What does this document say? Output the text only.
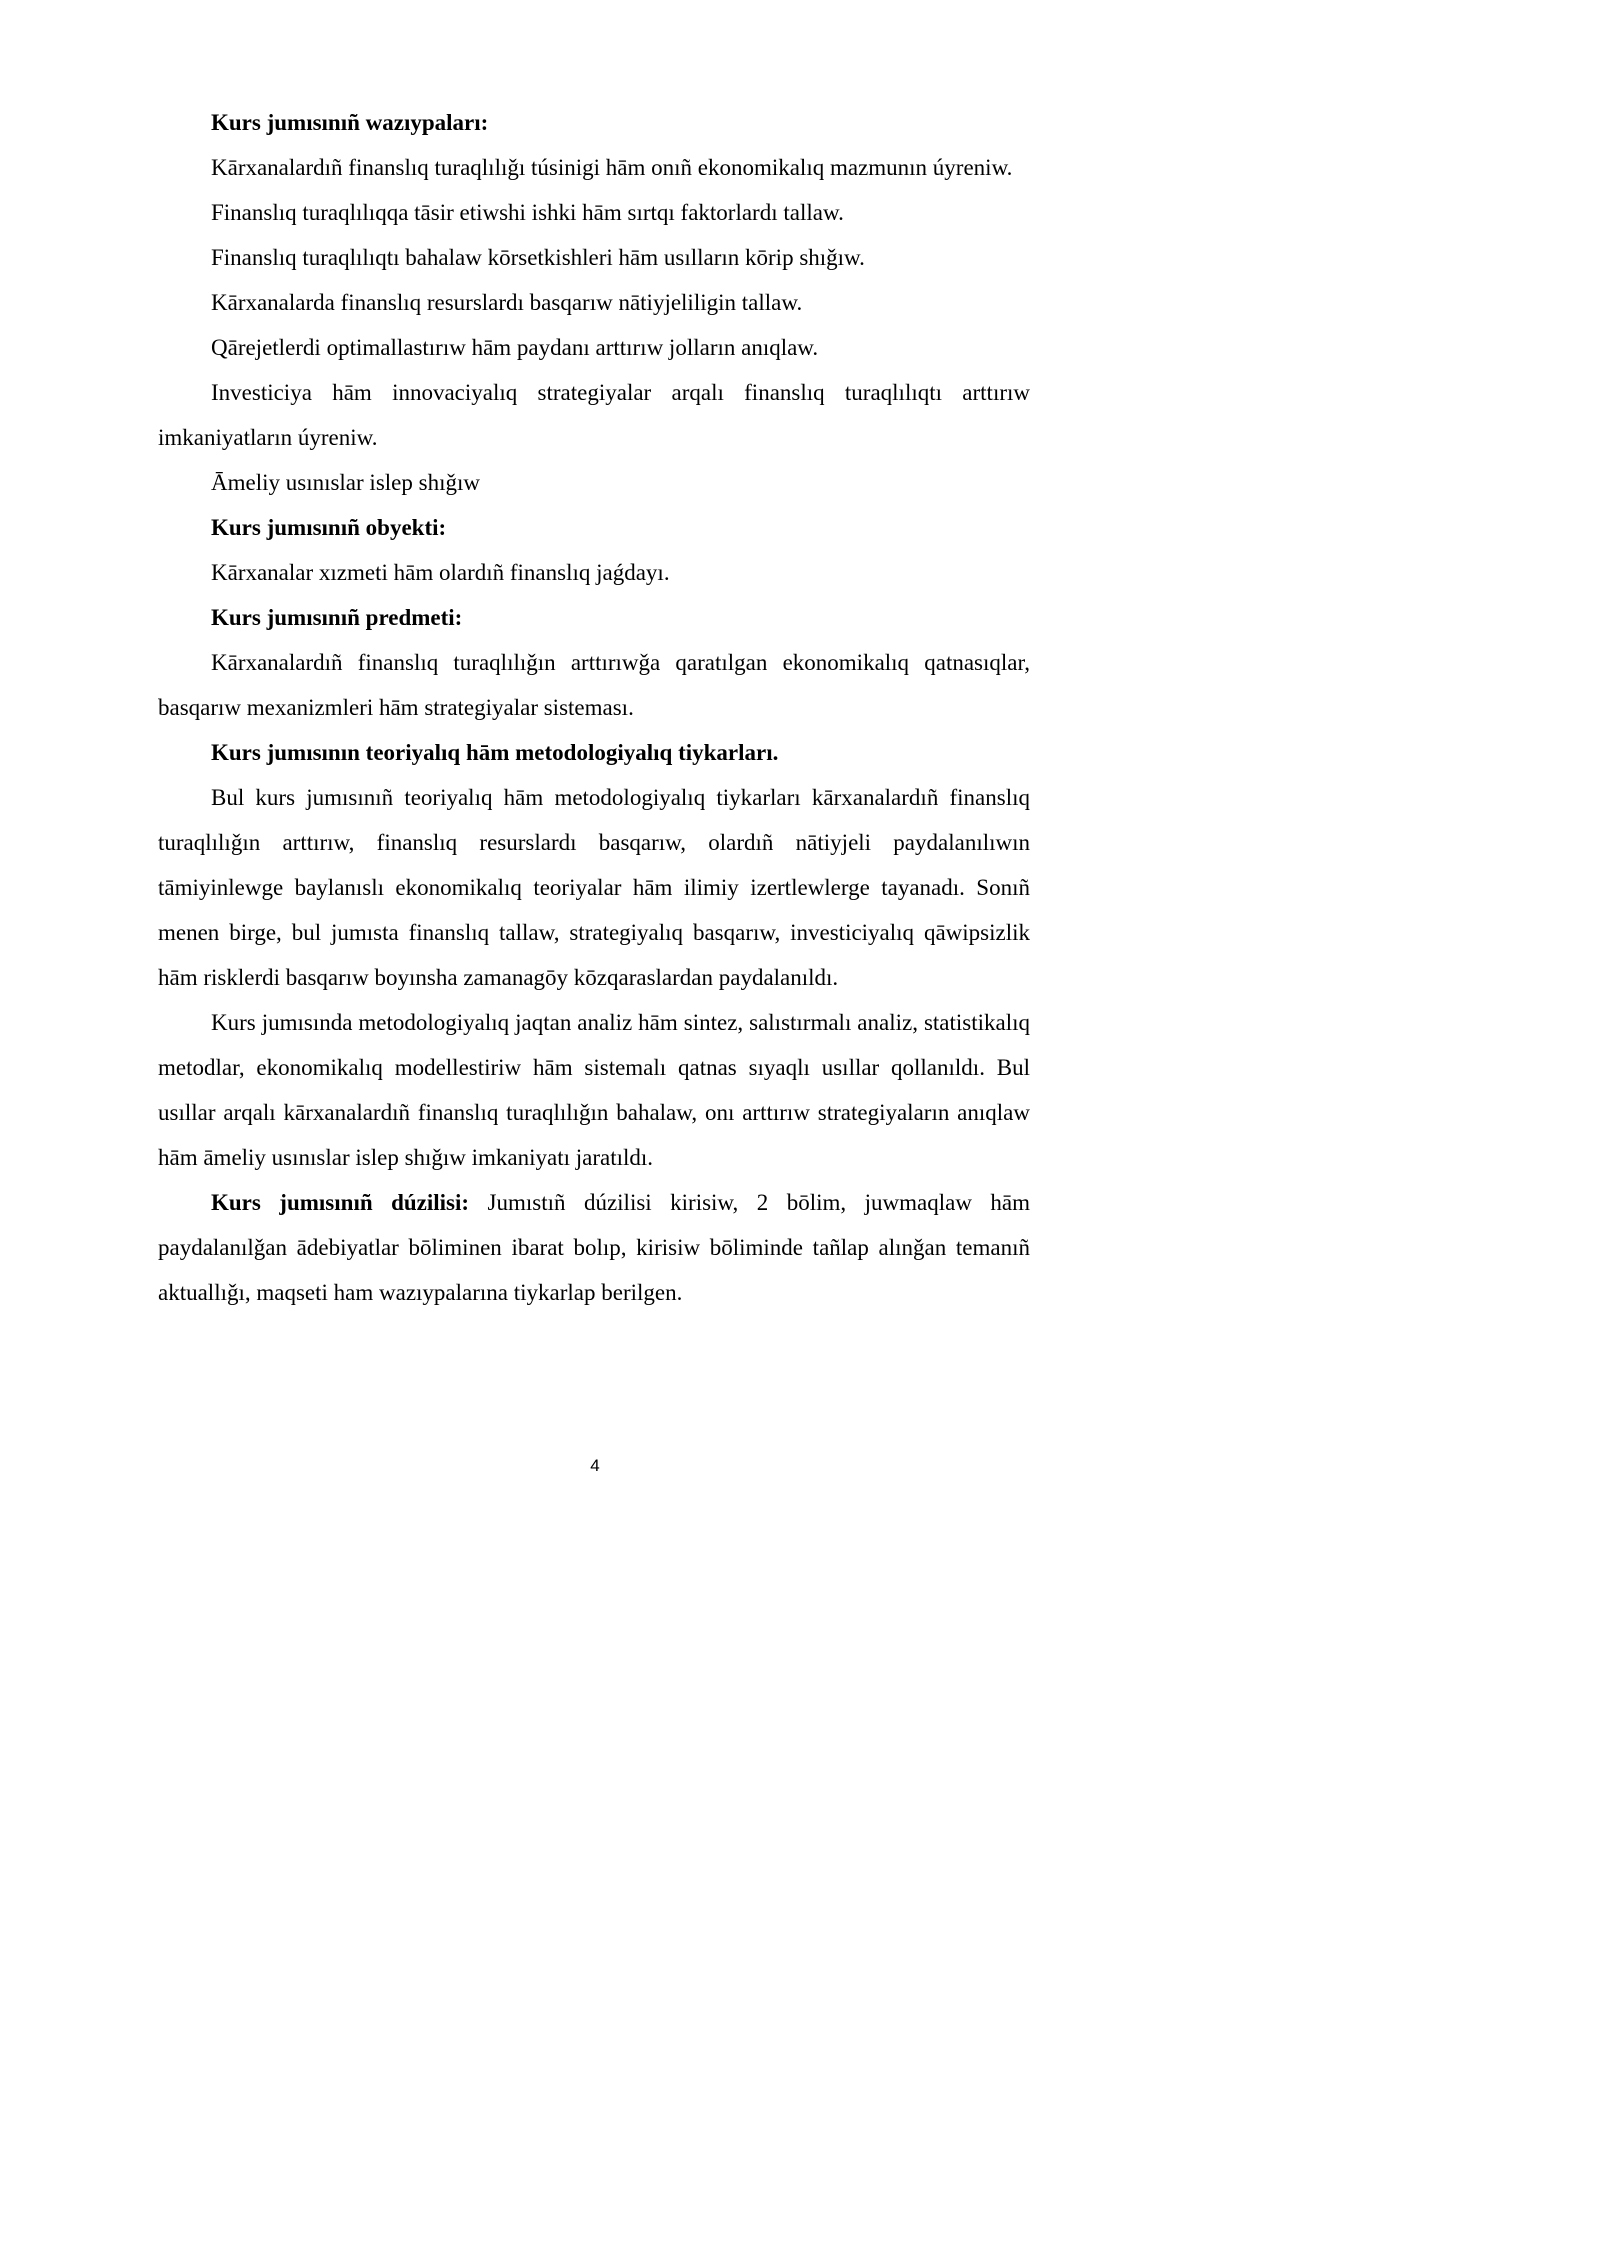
Kurs jumısınıñ wazıypaları:

Kārxanalardıñ finanslıq turaqlılıǧı túsinigi hām onıñ ekonomikalıq mazmunın úyreniw.

Finanslıq turaqlılıqqa tāsir etiwshi ishki hām sırtqı faktorlardı tallaw.

Finanslıq turaqlılıqtı bahalaw kōrsetkishleri hām usılların kōrip shıǧıw.

Kārxanalarda finanslıq resurslardı basqarıw nātiyjeliligin tallaw.

Qārejetlerdi optimallastırıw hām paydanı arttırıw jolların anıqlaw.

Investiciya hām innovaciyalıq strategiyalar arqalı finanslıq turaqlılıqtı arttırıw imkaniyatların úyreniw.

Āmeliy usınıslar islep shıǧıw

Kurs jumısınıñ obyekti:

Kārxanalar xızmeti hām olardıñ finanslıq jaǵdayı.

Kurs jumısınıñ predmeti:

Kārxanalardıñ finanslıq turaqlılıǧın arttırıwǧa qaratılgan ekonomikalıq qatnasıqlar, basqarıw mexanizmleri hām strategiyalar sisteması.

Kurs jumısının teoriyalıq hām metodologiyalıq tiykarları.

Bul kurs jumısınıñ teoriyalıq hām metodologiyalıq tiykarları kārxanalardıñ finanslıq turaqlılıǧın arttırıw, finanslıq resurslardı basqarıw, olardıñ nātiyjeli paydalanılıwın tāmiyinlewge baylanıslı ekonomikalıq teoriyalar hām ilimiy izertlewlerge tayanadı. Sonıñ menen birge, bul jumısta finanslıq tallaw, strategiyalıq basqarıw, investiciyalıq qāwipsizlik hām risklerdi basqarıw boyınsha zamanagōy kōzqaraslardan paydalanıldı.

Kurs jumısında metodologiyalıq jaqtan analiz hām sintez, salıstırmalı analiz, statistikalıq metodlar, ekonomikalıq modellestiriw hām sistemalı qatnas sıyaqlı usıllar qollanıldı. Bul usıllar arqalı kārxanalardıñ finanslıq turaqlılıǧın bahalaw, onı arttırıw strategiyaların anıqlaw hām āmeliy usınıslar islep shıǧıw imkaniyatı jaratıldı.

Kurs jumısınıñ dúzilisi: Jumıstıñ dúzilisi kirisiw, 2 bōlim, juwmaqlaw hām paydalanılǧan ādebiyatlar bōliminen ibarat bolıp, kirisiw bōliminde tañlap alınǧan temanıñ aktuallıǧı, maqseti ham wazıypalarına tiykarlap berilgen.

4
